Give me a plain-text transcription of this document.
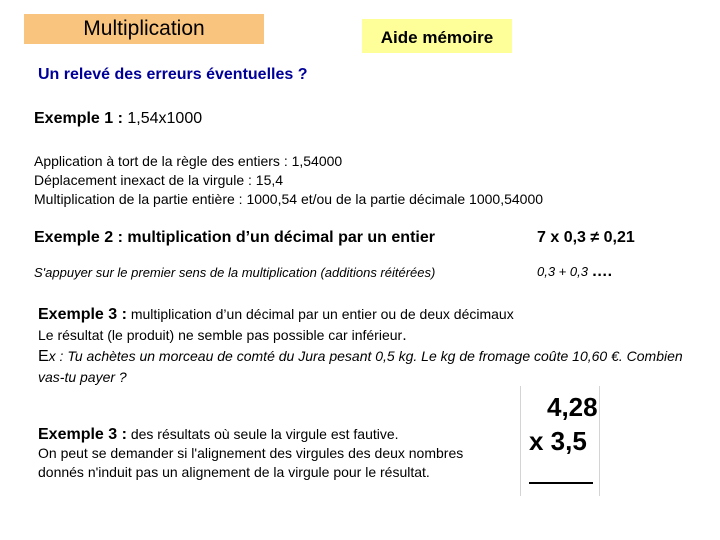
Multiplication	Aide mémoire
Un relevé des erreurs éventuelles ?
Exemple 1 : 1,54x1000
Application à tort de la règle des entiers : 1,54000
Déplacement inexact de la virgule : 15,4
Multiplication de la partie entière : 1000,54 et/ou de la partie décimale 1000,54000
Exemple 2 : multiplication d’un décimal par un entier	7 x 0,3 ≠ 0,21
S'appuyer sur le premier sens de la multiplication (additions réitérées)	0,3 + 0,3 ….
Exemple 3 : multiplication d’un décimal par un entier ou de deux décimaux
Le résultat (le produit) ne semble pas possible car inférieur.
Ex : Tu achètes un morceau de comté du Jura pesant 0,5 kg. Le kg de fromage coûte 10,60 €. Combien vas-tu payer ?
Exemple 3 : des résultats où seule la virgule est fautive.
On peut se demander si l'alignement des virgules des deux nombres donnés n'induit pas un alignement de la virgule pour le résultat.
4,28
x 3,5
